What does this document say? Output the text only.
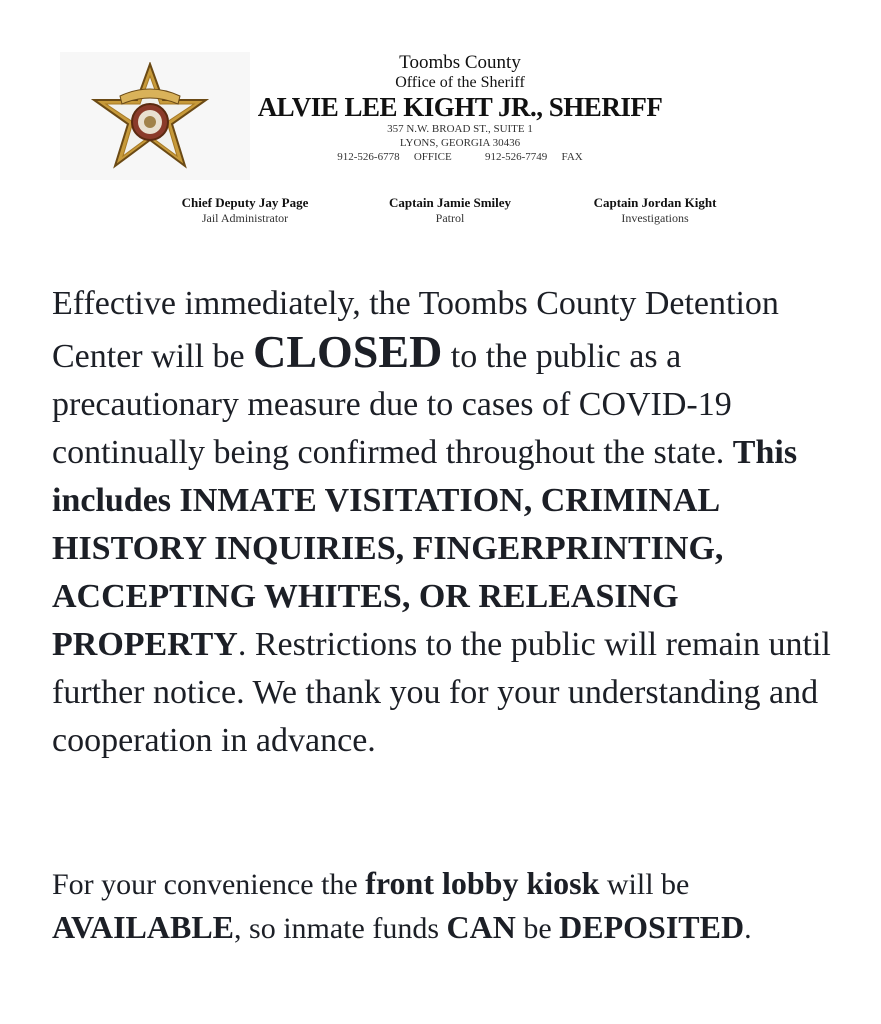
Toombs County
Office of the Sheriff
ALVIE LEE KIGHT JR., SHERIFF
357 N.W. BROAD ST., SUITE 1
LYONS, GEORGIA 30436
912-526-6778   OFFICE       912-526-7749   FAX
Chief Deputy Jay Page
Jail Administrator
Captain Jamie Smiley
Patrol
Captain Jordan Kight
Investigations
Effective immediately, the Toombs County Detention Center will be CLOSED to the public as a precautionary measure due to cases of COVID-19 continually being confirmed throughout the state. This includes INMATE VISITATION, CRIMINAL HISTORY INQUIRIES, FINGERPRINTING, ACCEPTING WHITES, OR RELEASING PROPERTY. Restrictions to the public will remain until further notice. We thank you for your understanding and cooperation in advance.
For your convenience the front lobby kiosk will be AVAILABLE, so inmate funds CAN be DEPOSITED.
